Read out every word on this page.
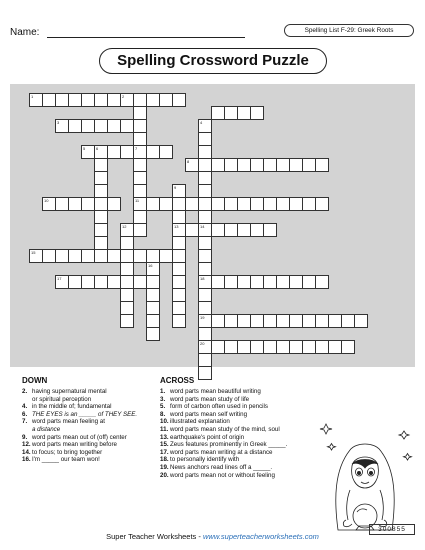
Name:	Spelling List F-29: Greek Roots
Spelling Crossword Puzzle
1	2
3	4
5	6	7
8
9
10	11
12	13	14
15
16
17	18
19
20
DOWN
2. having supernatural mental
or spiritual perception
4. in the middle of; fundamental
6. THE EYES is an _____ of THEY SEE.
7. word parts mean feeling at
a distance
9. word parts mean out of (off) center
12. word parts mean writing before
14. to focus; to bring together
16. I'm _____ our team won!
ACROSS
1. word parts mean beautiful writing
3. word parts mean study of life
5. form of carbon often used in pencils
8. word parts mean self writing
10. illustrated explanation
11. word parts mean study of the mind, soul
13. earthquake's point of origin
15. Zeus features prominently in Greek _____.
17. word parts mean writing at a distance
18. to personally identify with
19. News anchors read lines off a _____.
20. word parts mean not or without feeling
300855
Super Teacher Worksheets - www.superteacherworksheets.com
